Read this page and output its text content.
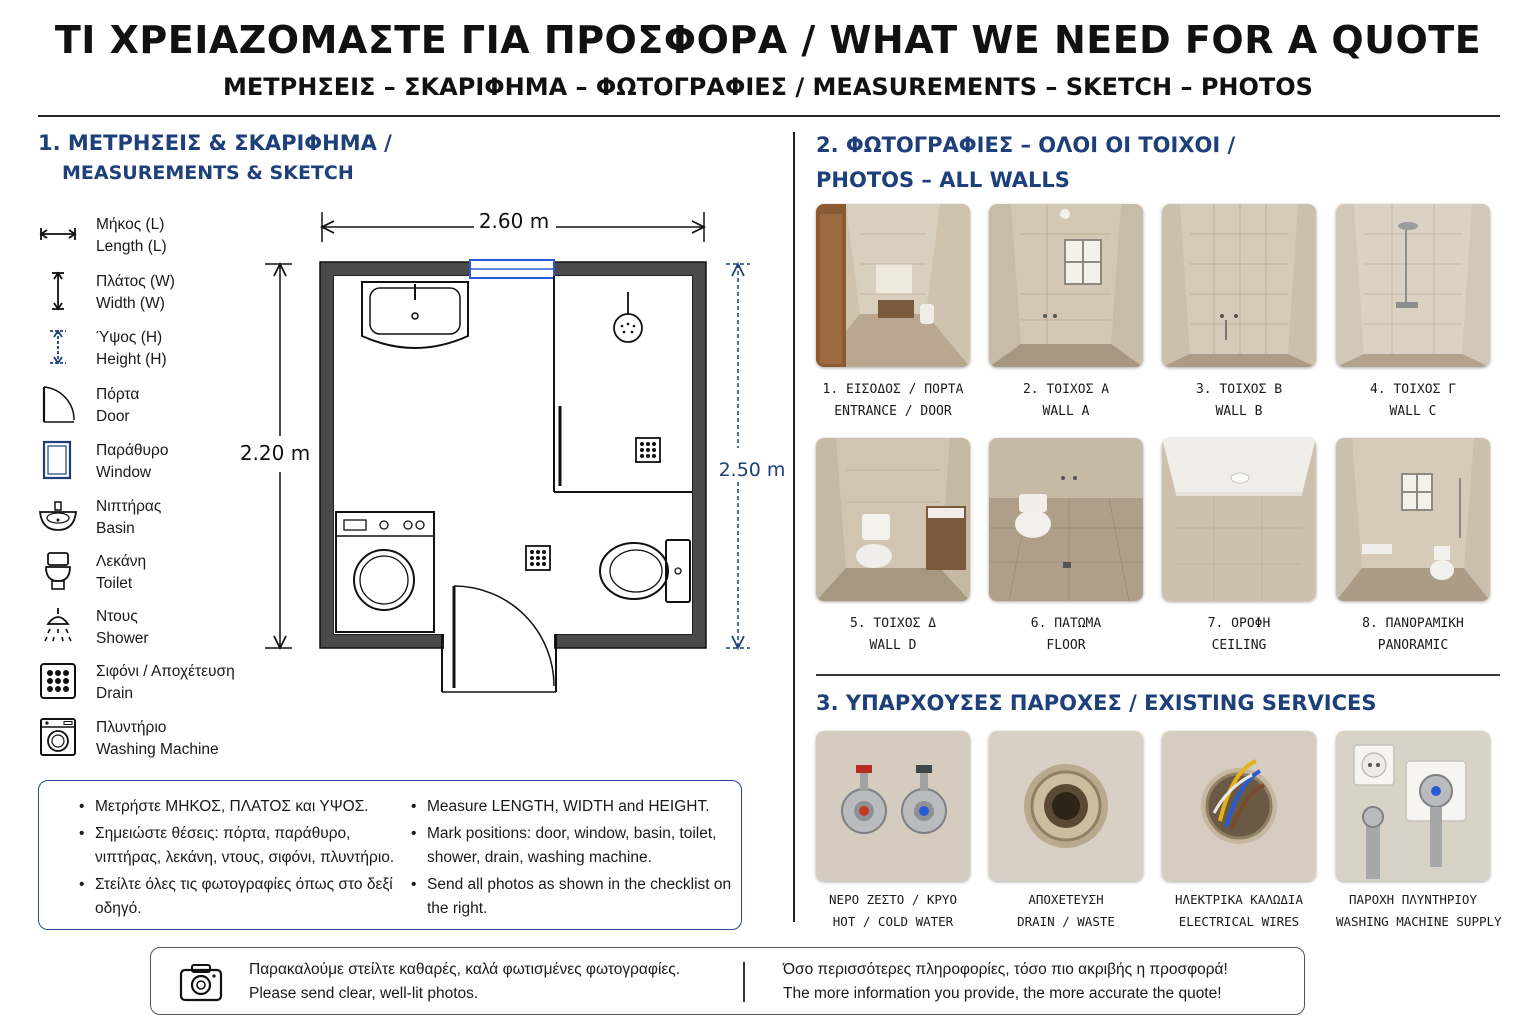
ΤΙ ΧΡΕΙΑΖΟΜΑΣΤΕ ΓΙΑ ΠΡΟΣΦΟΡΑ / WHAT WE NEED FOR A QUOTE
ΜΕΤΡΗΣΕΙΣ – ΣΚΑΡΙΦΗΜΑ – ΦΩΤΟΓΡΑΦΙΕΣ / MEASUREMENTS – SKETCH – PHOTOS
1. ΜΕΤΡΗΣΕΙΣ & ΣΚΑΡΙΦΗΜΑ /
MEASUREMENTS & SKETCH
Μήκος (L)
Length (L)
Πλάτος (W)
Width (W)
Ύψος (H)
Height (H)
Πόρτα
Door
Παράθυρο
Window
Νιπτήρας
Basin
Λεκάνη
Toilet
Ντους
Shower
Σιφόνι / Αποχέτευση
Drain
Πλυντήριο
Washing Machine
2.60 m
2.20 m
2.50 m
• Μετρήστε ΜΗΚΟΣ, ΠΛΑΤΟΣ και ΥΨΟΣ.
• Σημειώστε θέσεις: πόρτα, παράθυρο, νιπτήρας, λεκάνη, ντους, σιφόνι, πλυντήριο.
• Στείλτε όλες τις φωτογραφίες όπως στο δεξί οδηγό.
• Measure LENGTH, WIDTH and HEIGHT.
• Mark positions: door, window, basin, toilet, shower, drain, washing machine.
• Send all photos as shown in the checklist on the right.
2. ΦΩΤΟΓΡΑΦΙΕΣ – ΟΛΟΙ ΟΙ ΤΟΙΧΟΙ /
PHOTOS – ALL WALLS
1. ΕΙΣΟΔΟΣ / ΠΟΡΤΑ
ENTRANCE / DOOR
2. ΤΟΙΧΟΣ Α
WALL A
3. ΤΟΙΧΟΣ Β
WALL B
4. ΤΟΙΧΟΣ Γ
WALL C
5. ΤΟΙΧΟΣ Δ
WALL D
6. ΠΑΤΩΜΑ
FLOOR
7. ΟΡΟΦΗ
CEILING
8. ΠΑΝΟΡΑΜΙΚΗ
PANORAMIC
3. ΥΠΑΡΧΟΥΣΕΣ ΠΑΡΟΧΕΣ / EXISTING SERVICES
ΝΕΡΟ ΖΕΣΤΟ / ΚΡΥΟ
HOT / COLD WATER
ΑΠΟΧΕΤΕΥΣΗ
DRAIN / WASTE
ΗΛΕΚΤΡΙΚΑ ΚΑΛΩΔΙΑ
ELECTRICAL WIRES
ΠΑΡΟΧΗ ΠΛΥΝΤΗΡΙΟΥ
WASHING MACHINE SUPPLY
Παρακαλούμε στείλτε καθαρές, καλά φωτισμένες φωτογραφίες.
Please send clear, well-lit photos.
Όσο περισσότερες πληροφορίες, τόσο πιο ακριβής η προσφορά!
The more information you provide, the more accurate the quote!
